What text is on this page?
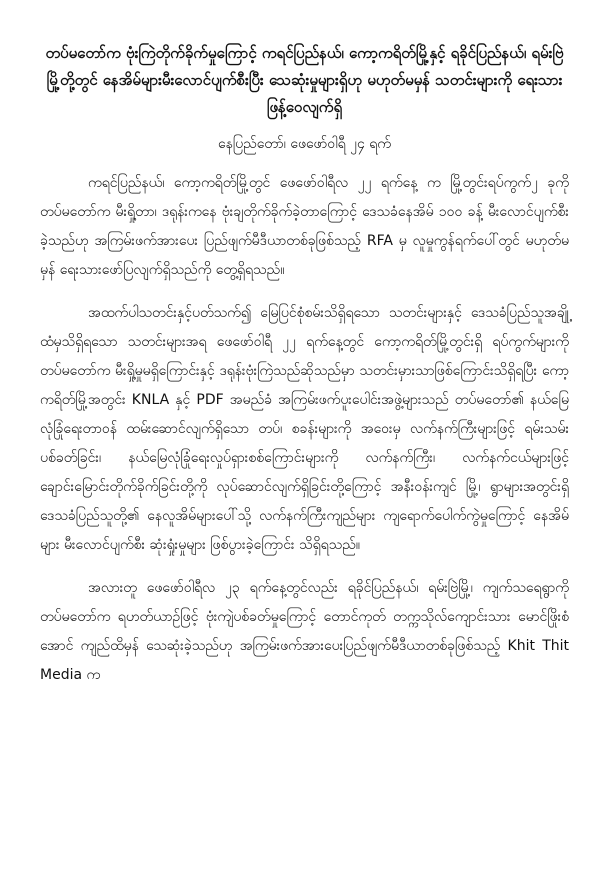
တပ်မတော်က ဗုံးကြဲတိုက်ခိုက်မှုကြောင့် ကရင်ပြည်နယ်၊ ကော့ကရိတ်မြို့နှင့် ရခိုင်ပြည်နယ်၊ ရမ်းဗြဲမြို့တို့တွင် နေအိမ်များမီးလောင်ပျက်စီးပြီး သေဆုံးမှုများရှိဟု မဟုတ်မမှန် သတင်းများကို ရေးသားဖြန့်ဝေလျက်ရှိ
နေပြည်တော်၊ ဖေဖော်ဝါရီ ၂၄ ရက်
ကရင်ပြည်နယ်၊ ကော့ကရိတ်မြို့တွင် ဖေဖော်ဝါရီလ ၂၂ ရက်နေ့ က မြို့တွင်းရပ်ကွက်၂ ခုကို တပ်မတော်က မီးရှို့တာ၊ ဒရုန်းကနေ ဗုံးချတိုက်ခိုက်ခဲ့တာကြောင့် ဒေသခံနေအိမ် ၁၀၀ ခန့် မီးလောင်ပျက်စီးခဲ့သည်ဟု အကြမ်းဖက်အားပေး ပြည်ဖျက်မီဒီယာတစ်ခုဖြစ်သည့် RFA မှ လူမှုကွန်ရက်ပေါ်တွင် မဟုတ်မမှန် ရေးသားဖော်ပြလျက်ရှိသည်ကို တွေ့ရှိရသည်။
အထက်ပါသတင်းနှင့်ပတ်သက်၍ မြေပြင်စုံစမ်းသိရှိရသော သတင်းများနှင့် ဒေသခံပြည်သူအချို့ထံမှသိရှိရသော သတင်းများအရ ဖေဖော်ဝါရီ ၂၂ ရက်နေ့တွင် ကော့ကရိတ်မြို့တွင်းရှိ ရပ်ကွက်များကို တပ်မတော်က မီးရှို့မှုမရှိကြောင်းနှင့် ဒရုန်းဗုံးကြဲသည်ဆိုသည်မှာ သတင်းမှားသာဖြစ်ကြောင်းသိရှိရပြီး ကော့ကရိတ်မြို့အတွင်း KNLA နှင့် PDF အမည်ခံ အကြမ်းဖက်ပူးပေါင်းအဖွဲ့များသည် တပ်မတော်၏ နယ်မြေလုံခြုံရေးတာဝန် ထမ်းဆောင်လျက်ရှိသော တပ်၊ စခန်းများကို အဝေးမှ လက်နက်ကြီးများဖြင့် ရမ်းသမ်းပစ်ခတ်ခြင်း၊ နယ်မြေလုံခြုံရေးလှုပ်ရှားစစ်ကြောင်းများကို လက်နက်ကြီး၊ လက်နက်ငယ်များဖြင့် ချောင်းမြောင်းတိုက်ခိုက်ခြင်းတို့ကို လုပ်ဆောင်လျက်ရှိခြင်းတို့ကြောင့် အနီးဝန်းကျင် မြို့၊ ရွာများအတွင်းရှိ ဒေသခံပြည်သူတို့၏ နေလူအိမ်များပေါ်သို့ လက်နက်ကြီးကျည်များ ကျရောက်ပေါက်ကွဲမှုကြောင့် နေအိမ်များ မီးလောင်ပျက်စီး ဆုံးရှုံးမှုများ ဖြစ်ပွားခဲ့ကြောင်း သိရှိရသည်။
အလားတူ ဖေဖော်ဝါရီလ ၂၃ ရက်နေ့တွင်လည်း ရခိုင်ပြည်နယ်၊ ရမ်းဗြဲမြို့၊ ကျက်သရေရွာကို တပ်မတော်က ရဟတ်ယာဉ်ဖြင့် ဗုံးကျဲပစ်ခတ်မှုကြောင့် တောင်ကုတ် တက္ကသိုလ်ကျောင်းသား မောင်ဖြိုးစံအောင် ကျည်ထိမှန် သေဆုံးခဲ့သည်ဟု အကြမ်းဖက်အားပေးပြည်ဖျက်မီဒီယာတစ်ခုဖြစ်သည့် Khit Thit Media က
